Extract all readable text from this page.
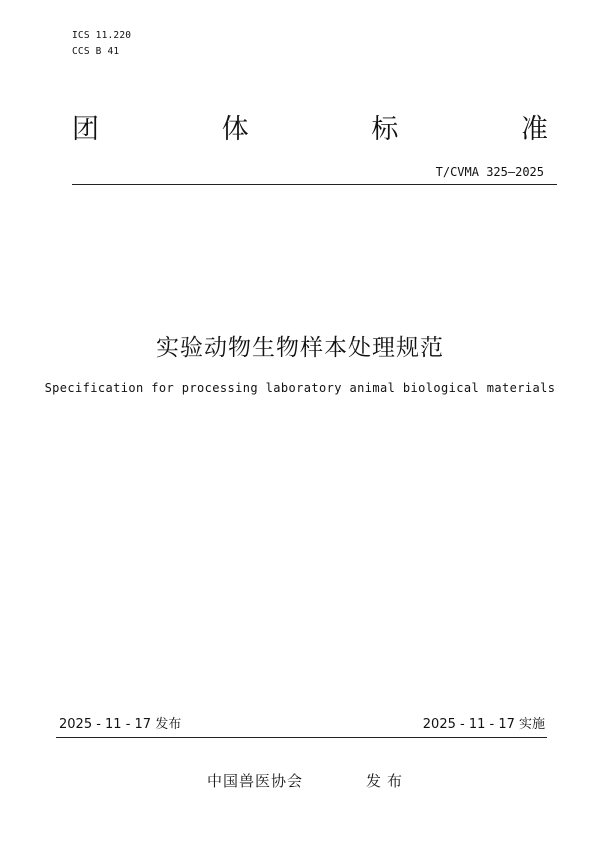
ICS 11.220
CCS B 41
团	体	标	准
T/CVMA 325—2025
实验动物生物样本处理规范
Specification for processing laboratory animal biological materials
2025 - 11 - 17 发布	2025 - 11 - 17 实施
中国兽医协会	发布
